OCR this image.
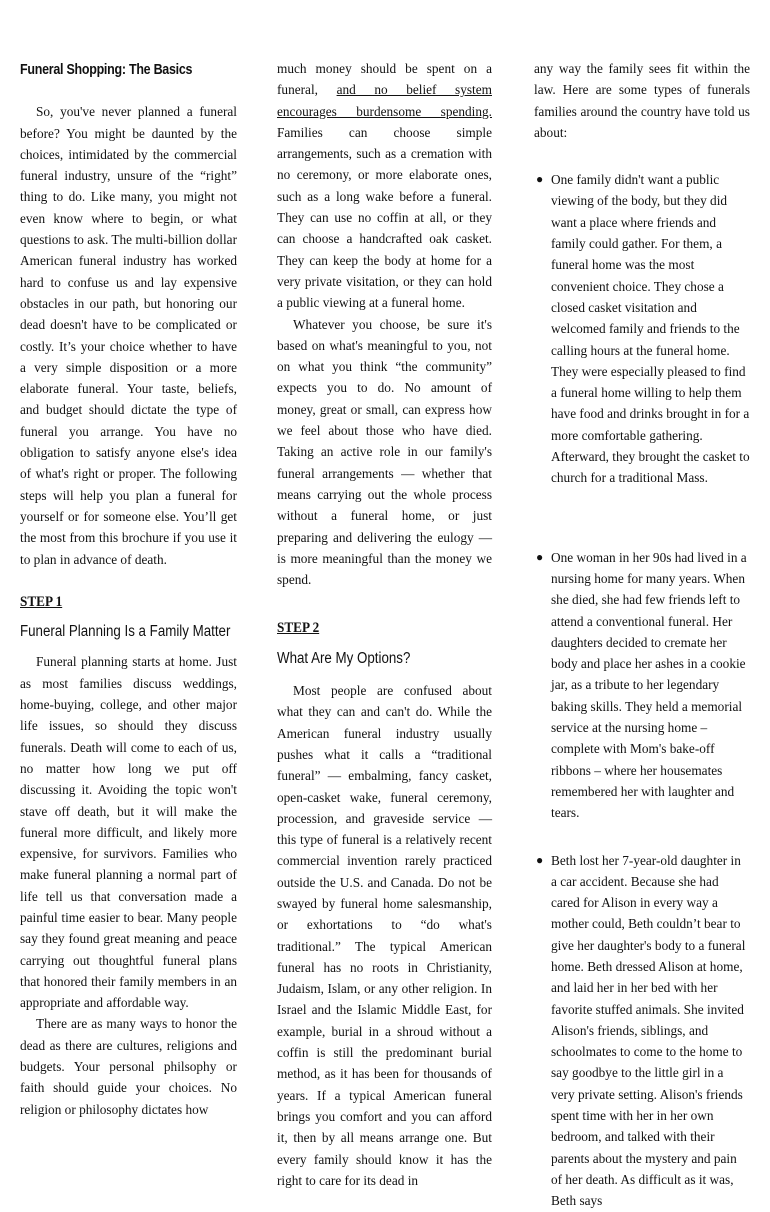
Funeral Shopping: The Basics

So, you've never planned a funeral before? You might be daunted by the choices, intimidated by the commercial funeral industry, unsure of the “right” thing to do. Like many, you might not even know where to begin, or what questions to ask. The multi-billion dollar American funeral industry has worked hard to confuse us and lay expensive obstacles in our path, but honoring our dead doesn't have to be complicated or costly. It’s your choice whether to have a very simple disposition or a more elaborate funeral. Your taste, beliefs, and budget should dictate the type of funeral you arrange. You have no obligation to satisfy anyone else's idea of what's right or proper. The following steps will help you plan a funeral for yourself or for someone else. You’ll get the most from this brochure if you use it to plan in advance of death.

STEP 1
Funeral Planning Is a Family Matter

Funeral planning starts at home. Just as most families discuss weddings, home-buying, college, and other major life issues, so should they discuss funerals. Death will come to each of us, no matter how long we put off discussing it. Avoiding the topic won't stave off death, but it will make the funeral more difficult, and likely more expensive, for survivors. Families who make funeral planning a normal part of life tell us that conversation made a painful time easier to bear. Many people say they found great meaning and peace carrying out thoughtful funeral plans that honored their family members in an appropriate and affordable way.

There are as many ways to honor the dead as there are cultures, religions and budgets. Your personal philsophy or faith should guide your choices. No religion or philosophy dictates how

much money should be spent on a funeral, and no belief system encourages burdensome spending. Families can choose simple arrangements, such as a cremation with no ceremony, or more elaborate ones, such as a long wake before a funeral. They can use no coffin at all, or they can choose a handcrafted oak casket. They can keep the body at home for a very private visitation, or they can hold a public viewing at a funeral home.

Whatever you choose, be sure it's based on what's meaningful to you, not on what you think “the community” expects you to do. No amount of money, great or small, can express how we feel about those who have died. Taking an active role in our family's funeral arrangements — whether that means carrying out the whole process without a funeral home, or just preparing and delivering the eulogy — is more meaningful than the money we spend.

STEP 2
What Are My Options?

Most people are confused about what they can and can't do. While the American funeral industry usually pushes what it calls a “traditional funeral” — embalming, fancy casket, open-casket wake, funeral ceremony, procession, and graveside service — this type of funeral is a relatively recent commercial invention rarely practiced outside the U.S. and Canada. Do not be swayed by funeral home salesmanship, or exhortations to “do what's traditional.” The typical American funeral has no roots in Christianity, Judaism, Islam, or any other religion. In Israel and the Islamic Middle East, for example, burial in a shroud without a coffin is still the predominant burial method, as it has been for thousands of years. If a typical American funeral brings you comfort and you can afford it, then by all means arrange one. But every family should know it has the right to care for its dead in

any way the family sees fit within the law. Here are some types of funerals families around the country have told us about:

● One family didn't want a public viewing of the body, but they did want a place where friends and family could gather. For them, a funeral home was the most convenient choice. They chose a closed casket visitation and welcomed family and friends to the calling hours at the funeral home. They were especially pleased to find a funeral home willing to help them have food and drinks brought in for a more comfortable gathering. Afterward, they brought the casket to church for a traditional Mass.
● One woman in her 90s had lived in a nursing home for many years. When she died, she had few friends left to attend a conventional funeral. Her daughters decided to cremate her body and place her ashes in a cookie jar, as a tribute to her legendary baking skills. They held a memorial service at the nursing home – complete with Mom's bake-off ribbons – where her housemates remembered her with laughter and tears.
● Beth lost her 7-year-old daughter in a car accident. Because she had cared for Alison in every way a mother could, Beth couldn’t bear to give her daughter's body to a funeral home. Beth dressed Alison at home, and laid her in her bed with her favorite stuffed animals. She invited Alison's friends, siblings, and schoolmates to come to the home to say goodbye to the little girl in a very private setting. Alison's friends spent time with her in her own bedroom, and talked with their parents about the mystery and pain of her death. As difficult as it was, Beth says
